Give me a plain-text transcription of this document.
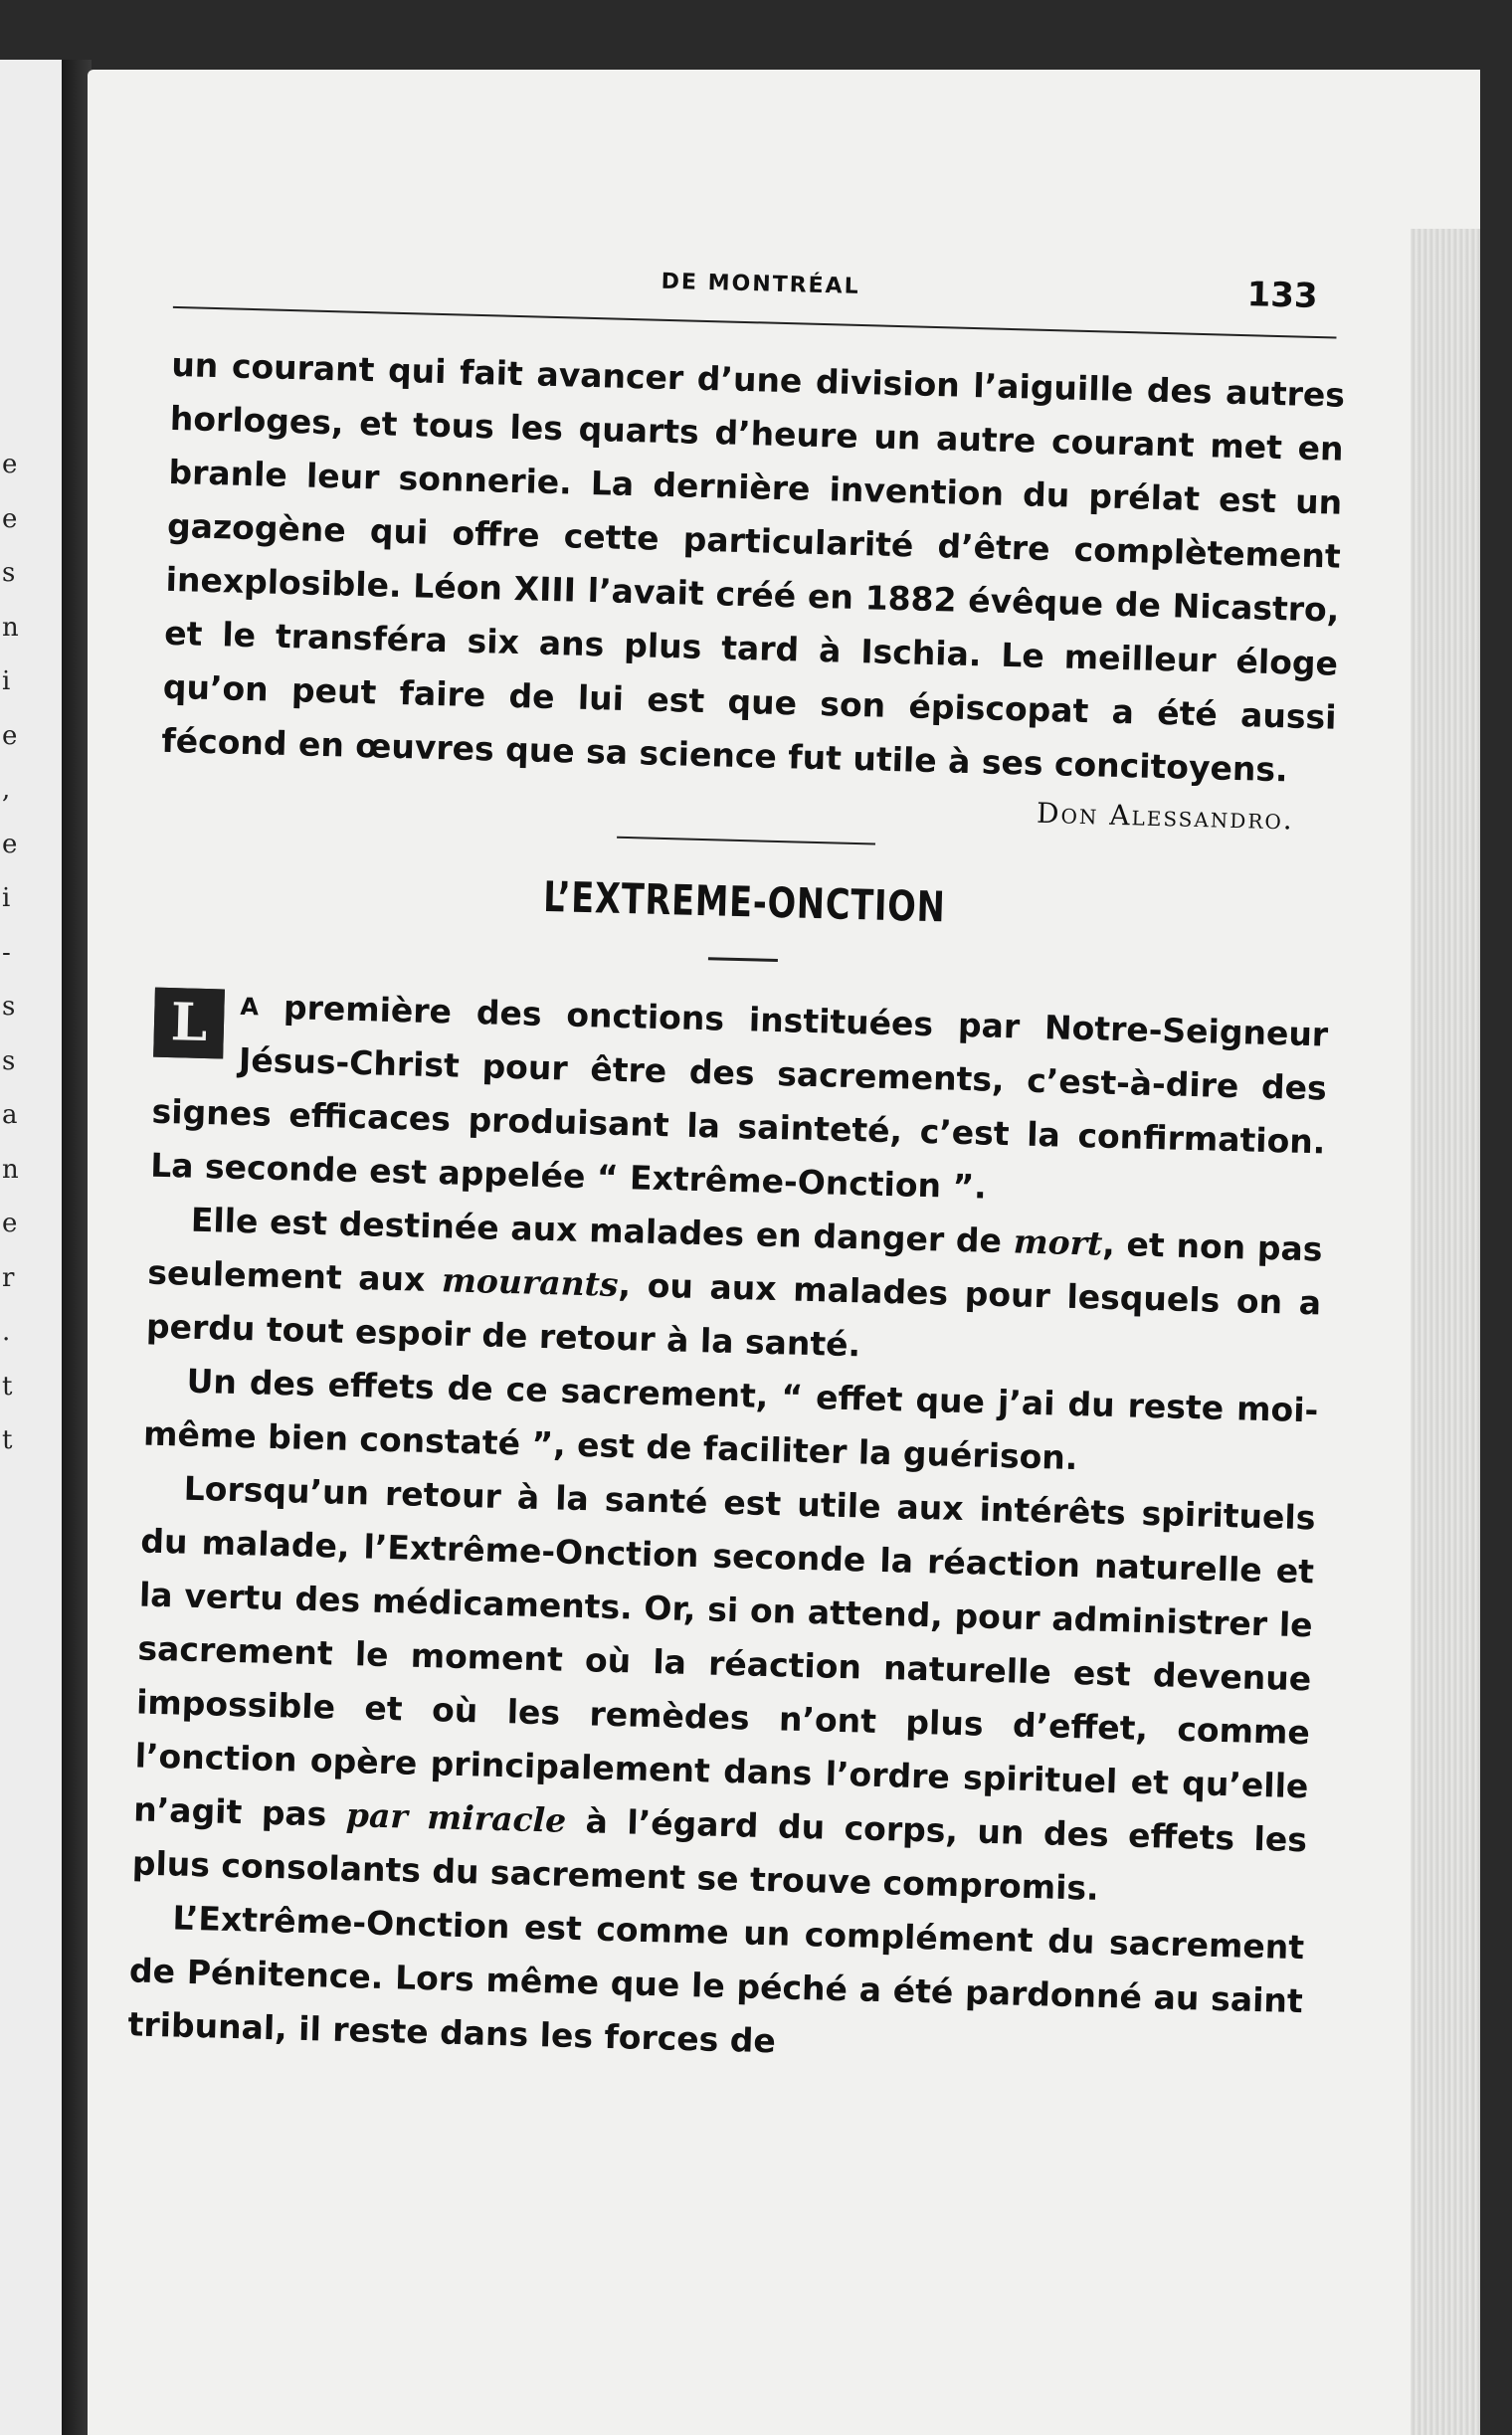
e
e
s
n
i
e
,
e
i
-
s
s
a
n
e
r
.
t
t
DE MONTRÉAL	133

un courant qui fait avancer d’une division l’aiguille des autres horloges, et tous les quarts d’heure un autre courant met en branle leur sonnerie. La dernière invention du prélat est un gazogène qui offre cette particularité d’être complètement inexplosible. Léon XIII l’avait créé en 1882 évêque de Nicastro, et le transféra six ans plus tard à Ischia. Le meilleur éloge qu’on peut faire de lui est que son épiscopat a été aussi fécond en œuvres que sa science fut utile à ses concitoyens.

Don Alessandro.
L’EXTREME-ONCTION

L	$^A$ première des onctions instituées par Notre-Seigneur Jésus-Christ pour être des sacrements, c’est-à-dire des signes efficaces produisant la sainteté, c’est la confirmation. La seconde est appelée “ Extrême-Onction ”.

Elle est destinée aux malades en danger de mort, et non pas seulement aux mourants, ou aux malades pour lesquels on a perdu tout espoir de retour à la santé.

Un des effets de ce sacrement, “ effet que j’ai du reste moi-même bien constaté ”, est de faciliter la guérison.

Lorsqu’un retour à la santé est utile aux intérêts spirituels du malade, l’Extrême-Onction seconde la réaction naturelle et la vertu des médicaments. Or, si on attend, pour administrer le sacrement le moment où la réaction naturelle est devenue impossible et où les remèdes n’ont plus d’effet, comme l’onction opère principalement dans l’ordre spirituel et qu’elle n’agit pas par miracle à l’égard du corps, un des effets les plus consolants du sacrement se trouve compromis.

L’Extrême-Onction est comme un complément du sacrement de Pénitence. Lors même que le péché a été pardonné au saint tribunal, il reste dans les forces de
